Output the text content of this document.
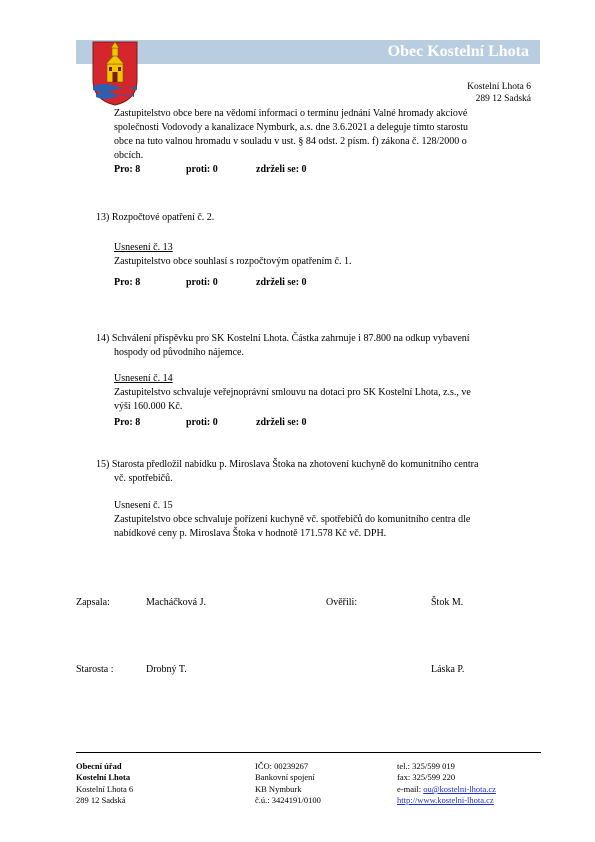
Obec Kostelní Lhota
Kostelní Lhota 6
289 12 Sadská
Zastupitelstvo obce bere na vědomí informaci o termínu jednání Valné hromady akciové
společnosti Vodovody a kanalizace Nymburk, a.s. dne 3.6.2021 a deleguje tímto starostu
obce na tuto valnou hromadu v souladu v ust. § 84 odst. 2 písm. f) zákona č. 128/2000 o
obcích.
Pro: 8	proti: 0	zdrželi se: 0
13) Rozpočtové opatření č. 2.
Usnesení č. 13
Zastupitelstvo obce souhlasí s rozpočtovým opatřením č. 1.
Pro: 8	proti: 0	zdrželi se: 0
14) Schválení příspěvku pro SK Kostelní Lhota. Částka zahrnuje i 87.800 na odkup vybavení
hospody od původního nájemce.
Usnesení č. 14
Zastupitelstvo schvaluje veřejnoprávní smlouvu na dotaci pro SK Kostelní Lhota, z.s., ve
výši 160.000 Kč.
Pro: 8	proti: 0	zdrželi se: 0
15) Starosta předložil nabídku p. Miroslava Štoka na zhotovení kuchyně do komunitního centra
vč. spotřebičů.
Usnesení č. 15
Zastupitelstvo obce schvaluje pořízení kuchyně vč. spotřebičů do komunitního centra dle
nabídkové ceny p. Miroslava Štoka v hodnotě 171.578 Kč vč. DPH.
Zapsala:	Macháčková J.	Ověřili:	Štok M.
Starosta :	Drobný T.	Láska P.
Obecní úřad
Kostelní Lhota
Kostelní Lhota 6
289 12 Sadská
IČO: 00239267
Bankovní spojení
KB Nymburk
č.ú.: 3424191/0100
tel.: 325/599 019
fax: 325/599 220
e-mail: ou@kostelni-lhota.cz
http://www.kostelni-lhota.cz
